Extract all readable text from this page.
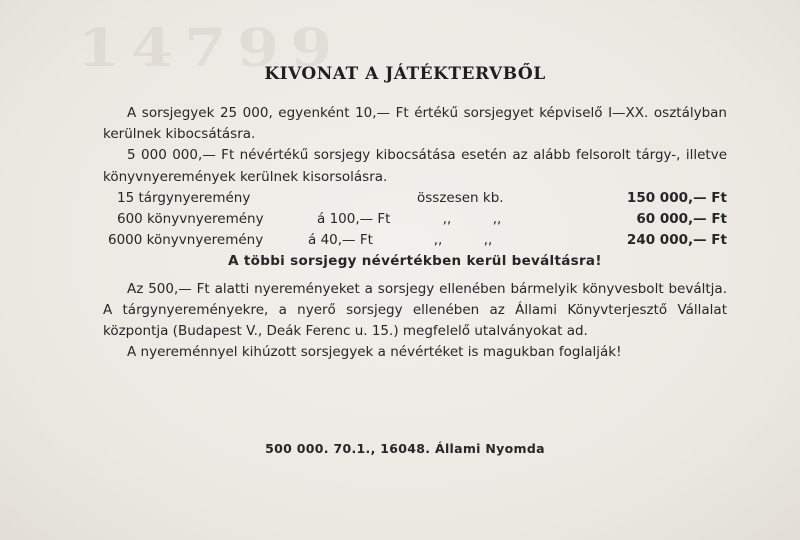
14799
KIVONAT A JÁTÉKTERVBŐL

A sorsjegyek 25 000, egyenként 10,— Ft értékű sorsjegyet képviselő I—XX. osztályban kerülnek kibocsátásra.

5 000 000,— Ft névértékű sorsjegy kibocsátása esetén az alább felsorolt tárgy-, illetve könyvnyeremények kerülnek kisorsolásra.

15 tárgynyeremény	összesen kb.	150 000,— Ft
600 könyvnyeremény	á 100,— Ft	,,	,,	60 000,— Ft
6000 könyvnyeremény	á 40,— Ft	,,	,,	240 000,— Ft

A többi sorsjegy névértékben kerül beváltásra!

Az 500,— Ft alatti nyereményeket a sorsjegy ellenében bármelyik könyvesbolt beváltja. A tárgynyereményekre, a nyerő sorsjegy ellenében az Állami Könyvterjesztő Vállalat központja (Budapest V., Deák Ferenc u. 15.) megfelelő utalványokat ad.

A nyereménnyel kihúzott sorsjegyek a névértéket is magukban foglalják!

500 000. 70.1., 16048. Állami Nyomda
